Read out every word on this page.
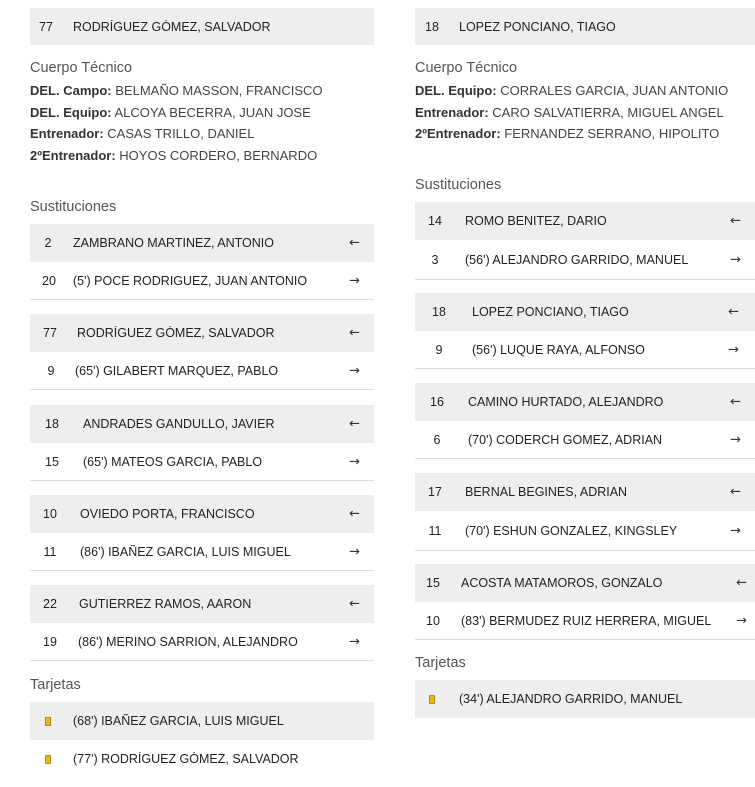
77	RODRÍGUEZ GÓMEZ, SALVADOR
Cuerpo Técnico
DEL. Campo: BELMAÑO MASSON, FRANCISCO
DEL. Equipo: ALCOYA BECERRA, JUAN JOSE
Entrenador: CASAS TRILLO, DANIEL
2ºEntrenador: HOYOS CORDERO, BERNARDO
Sustituciones
2	ZAMBRANO MARTINEZ, ANTONIO	←
20	(5') POCE RODRIGUEZ, JUAN ANTONIO	→
77	RODRÍGUEZ GÓMEZ, SALVADOR	←
9	(65') GILABERT MARQUEZ, PABLO	→
18	ANDRADES GANDULLO, JAVIER	←
15	(65') MATEOS GARCIA, PABLO	→
10	OVIEDO PORTA, FRANCISCO	←
11	(86') IBAÑEZ GARCIA, LUIS MIGUEL	→
22	GUTIERREZ RAMOS, AARON	←
19	(86') MERINO SARRION, ALEJANDRO	→
Tarjetas
(68') IBAÑEZ GARCIA, LUIS MIGUEL
(77') RODRÍGUEZ GÓMEZ, SALVADOR
18	LOPEZ PONCIANO, TIAGO
Cuerpo Técnico
DEL. Equipo: CORRALES GARCIA, JUAN ANTONIO
Entrenador: CARO SALVATIERRA, MIGUEL ANGEL
2ºEntrenador: FERNANDEZ SERRANO, HIPOLITO
Sustituciones
14	ROMO BENITEZ, DARIO	←
3	(56') ALEJANDRO GARRIDO, MANUEL	→
18	LOPEZ PONCIANO, TIAGO	←
9	(56') LUQUE RAYA, ALFONSO	→
16	CAMINO HURTADO, ALEJANDRO	←
6	(70') CODERCH GOMEZ, ADRIAN	→
17	BERNAL BEGINES, ADRIAN	←
11	(70') ESHUN GONZALEZ, KINGSLEY	→
15	ACOSTA MATAMOROS, GONZALO	←
10	(83') BERMUDEZ RUIZ HERRERA, MIGUEL	→
Tarjetas
(34') ALEJANDRO GARRIDO, MANUEL
